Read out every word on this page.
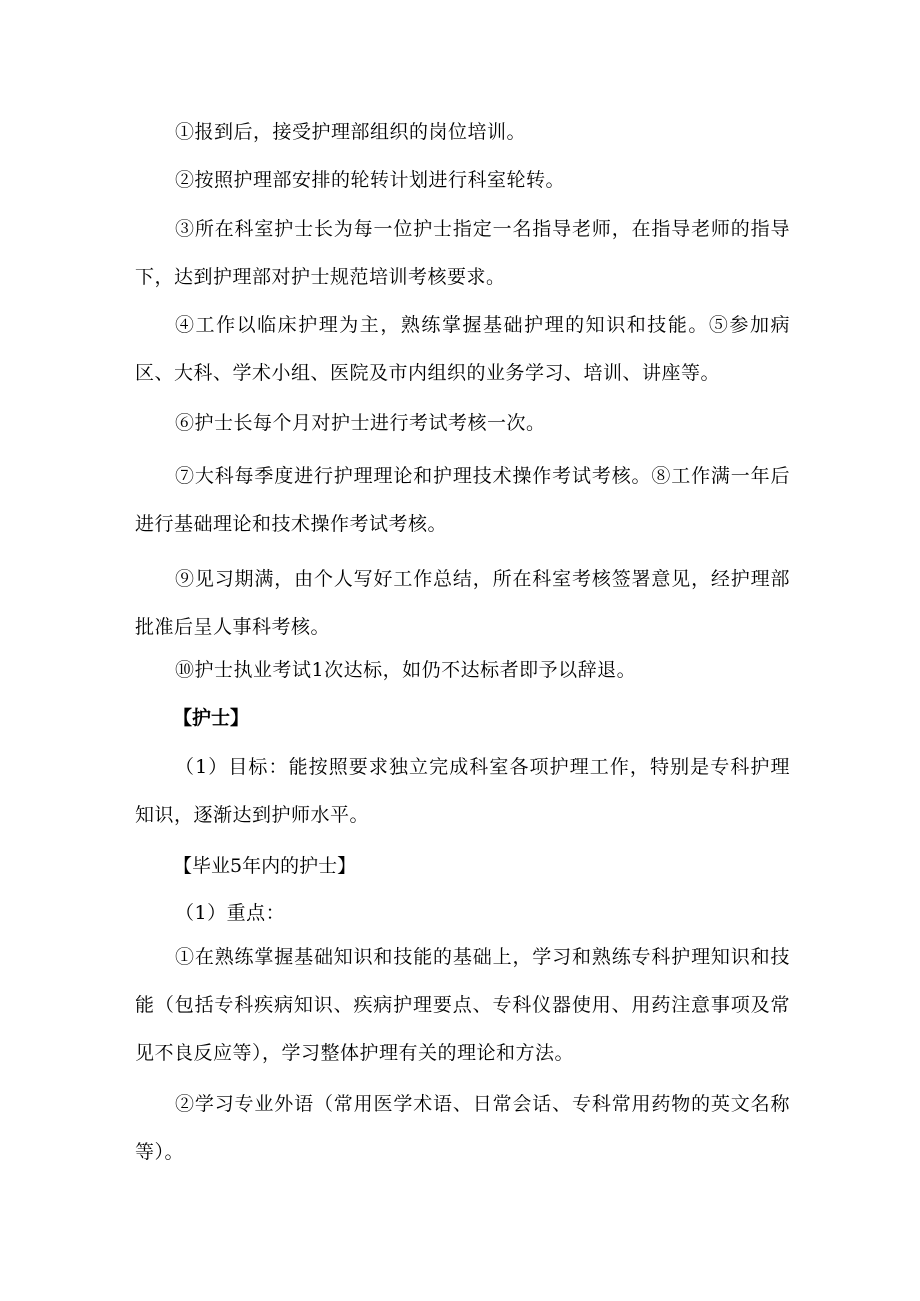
①报到后，接受护理部组织的岗位培训。

②按照护理部安排的轮转计划进行科室轮转。

③所在科室护士长为每一位护士指定一名指导老师，在指导老师的指导下，达到护理部对护士规范培训考核要求。

④工作以临床护理为主，熟练掌握基础护理的知识和技能。⑤参加病区、大科、学术小组、医院及市内组织的业务学习、培训、讲座等。

⑥护士长每个月对护士进行考试考核一次。

⑦大科每季度进行护理理论和护理技术操作考试考核。⑧工作满一年后进行基础理论和技术操作考试考核。

⑨见习期满，由个人写好工作总结，所在科室考核签署意见，经护理部批准后呈人事科考核。

⑩护士执业考试1次达标，如仍不达标者即予以辞退。

【护士】

（1）目标：能按照要求独立完成科室各项护理工作，特别是专科护理知识，逐渐达到护师水平。

【毕业5年内的护士】

（1）重点：

①在熟练掌握基础知识和技能的基础上，学习和熟练专科护理知识和技能（包括专科疾病知识、疾病护理要点、专科仪器使用、用药注意事项及常见不良反应等），学习整体护理有关的理论和方法。

②学习专业外语（常用医学术语、日常会话、专科常用药物的英文名称等）。
